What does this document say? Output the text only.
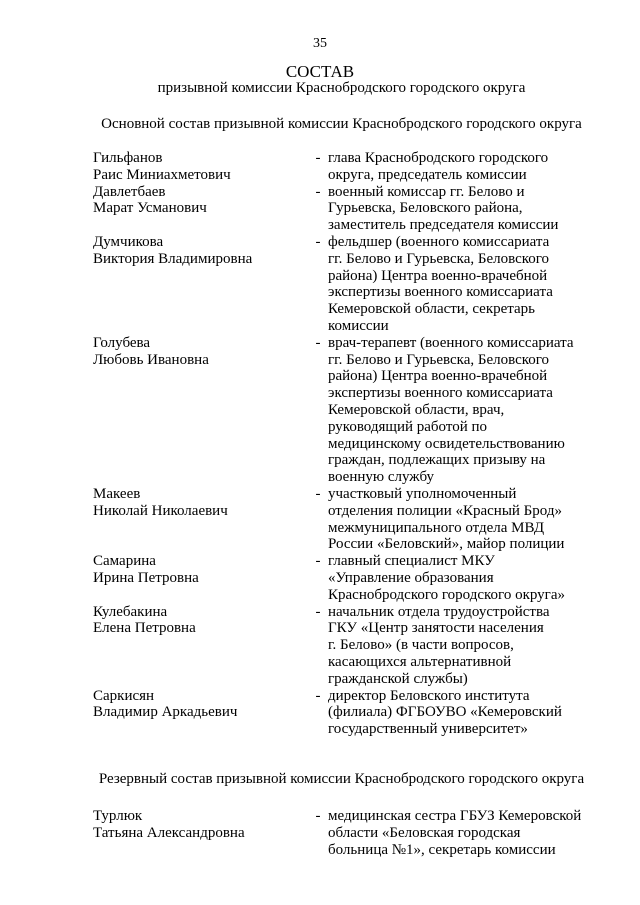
35
СОСТАВ
призывной комиссии Краснобродского городского округа
Основной состав призывной комиссии Краснобродского городского округа
Гильфанов
Раис Миниахметович
- глава Краснобродского городского
округа, председатель комиссии
Давлетбаев
Марат Усманович
- военный комиссар гг. Белово и
Гурьевска, Беловского района,
заместитель председателя комиссии
Думчикова
Виктория Владимировна
- фельдшер (военного комиссариата
гг. Белово и Гурьевска, Беловского
района) Центра военно-врачебной
экспертизы военного комиссариата
Кемеровской области, секретарь
комиссии
Голубева
Любовь Ивановна
- врач-терапевт (военного комиссариата
гг. Белово и Гурьевска, Беловского
района) Центра военно-врачебной
экспертизы военного комиссариата
Кемеровской области, врач,
руководящий работой по
медицинскому освидетельствованию
граждан, подлежащих призыву на
военную службу
Макеев
Николай Николаевич
- участковый уполномоченный
отделения полиции «Красный Брод»
межмуниципального отдела МВД
России «Беловский», майор полиции
Самарина
Ирина Петровна
- главный специалист МКУ
«Управление образования
Краснобродского городского округа»
Кулебакина
Елена Петровна
- начальник отдела трудоустройства
ГКУ «Центр занятости населения
г. Белово» (в части вопросов,
касающихся альтернативной
гражданской службы)
Саркисян
Владимир Аркадьевич
- директор Беловского института
(филиала) ФГБОУВО «Кемеровский
государственный университет»
Резервный состав призывной комиссии Краснобродского городского округа
Турлюк
Татьяна Александровна
- медицинская сестра ГБУЗ Кемеровской
области «Беловская городская
больница №1», секретарь комиссии
